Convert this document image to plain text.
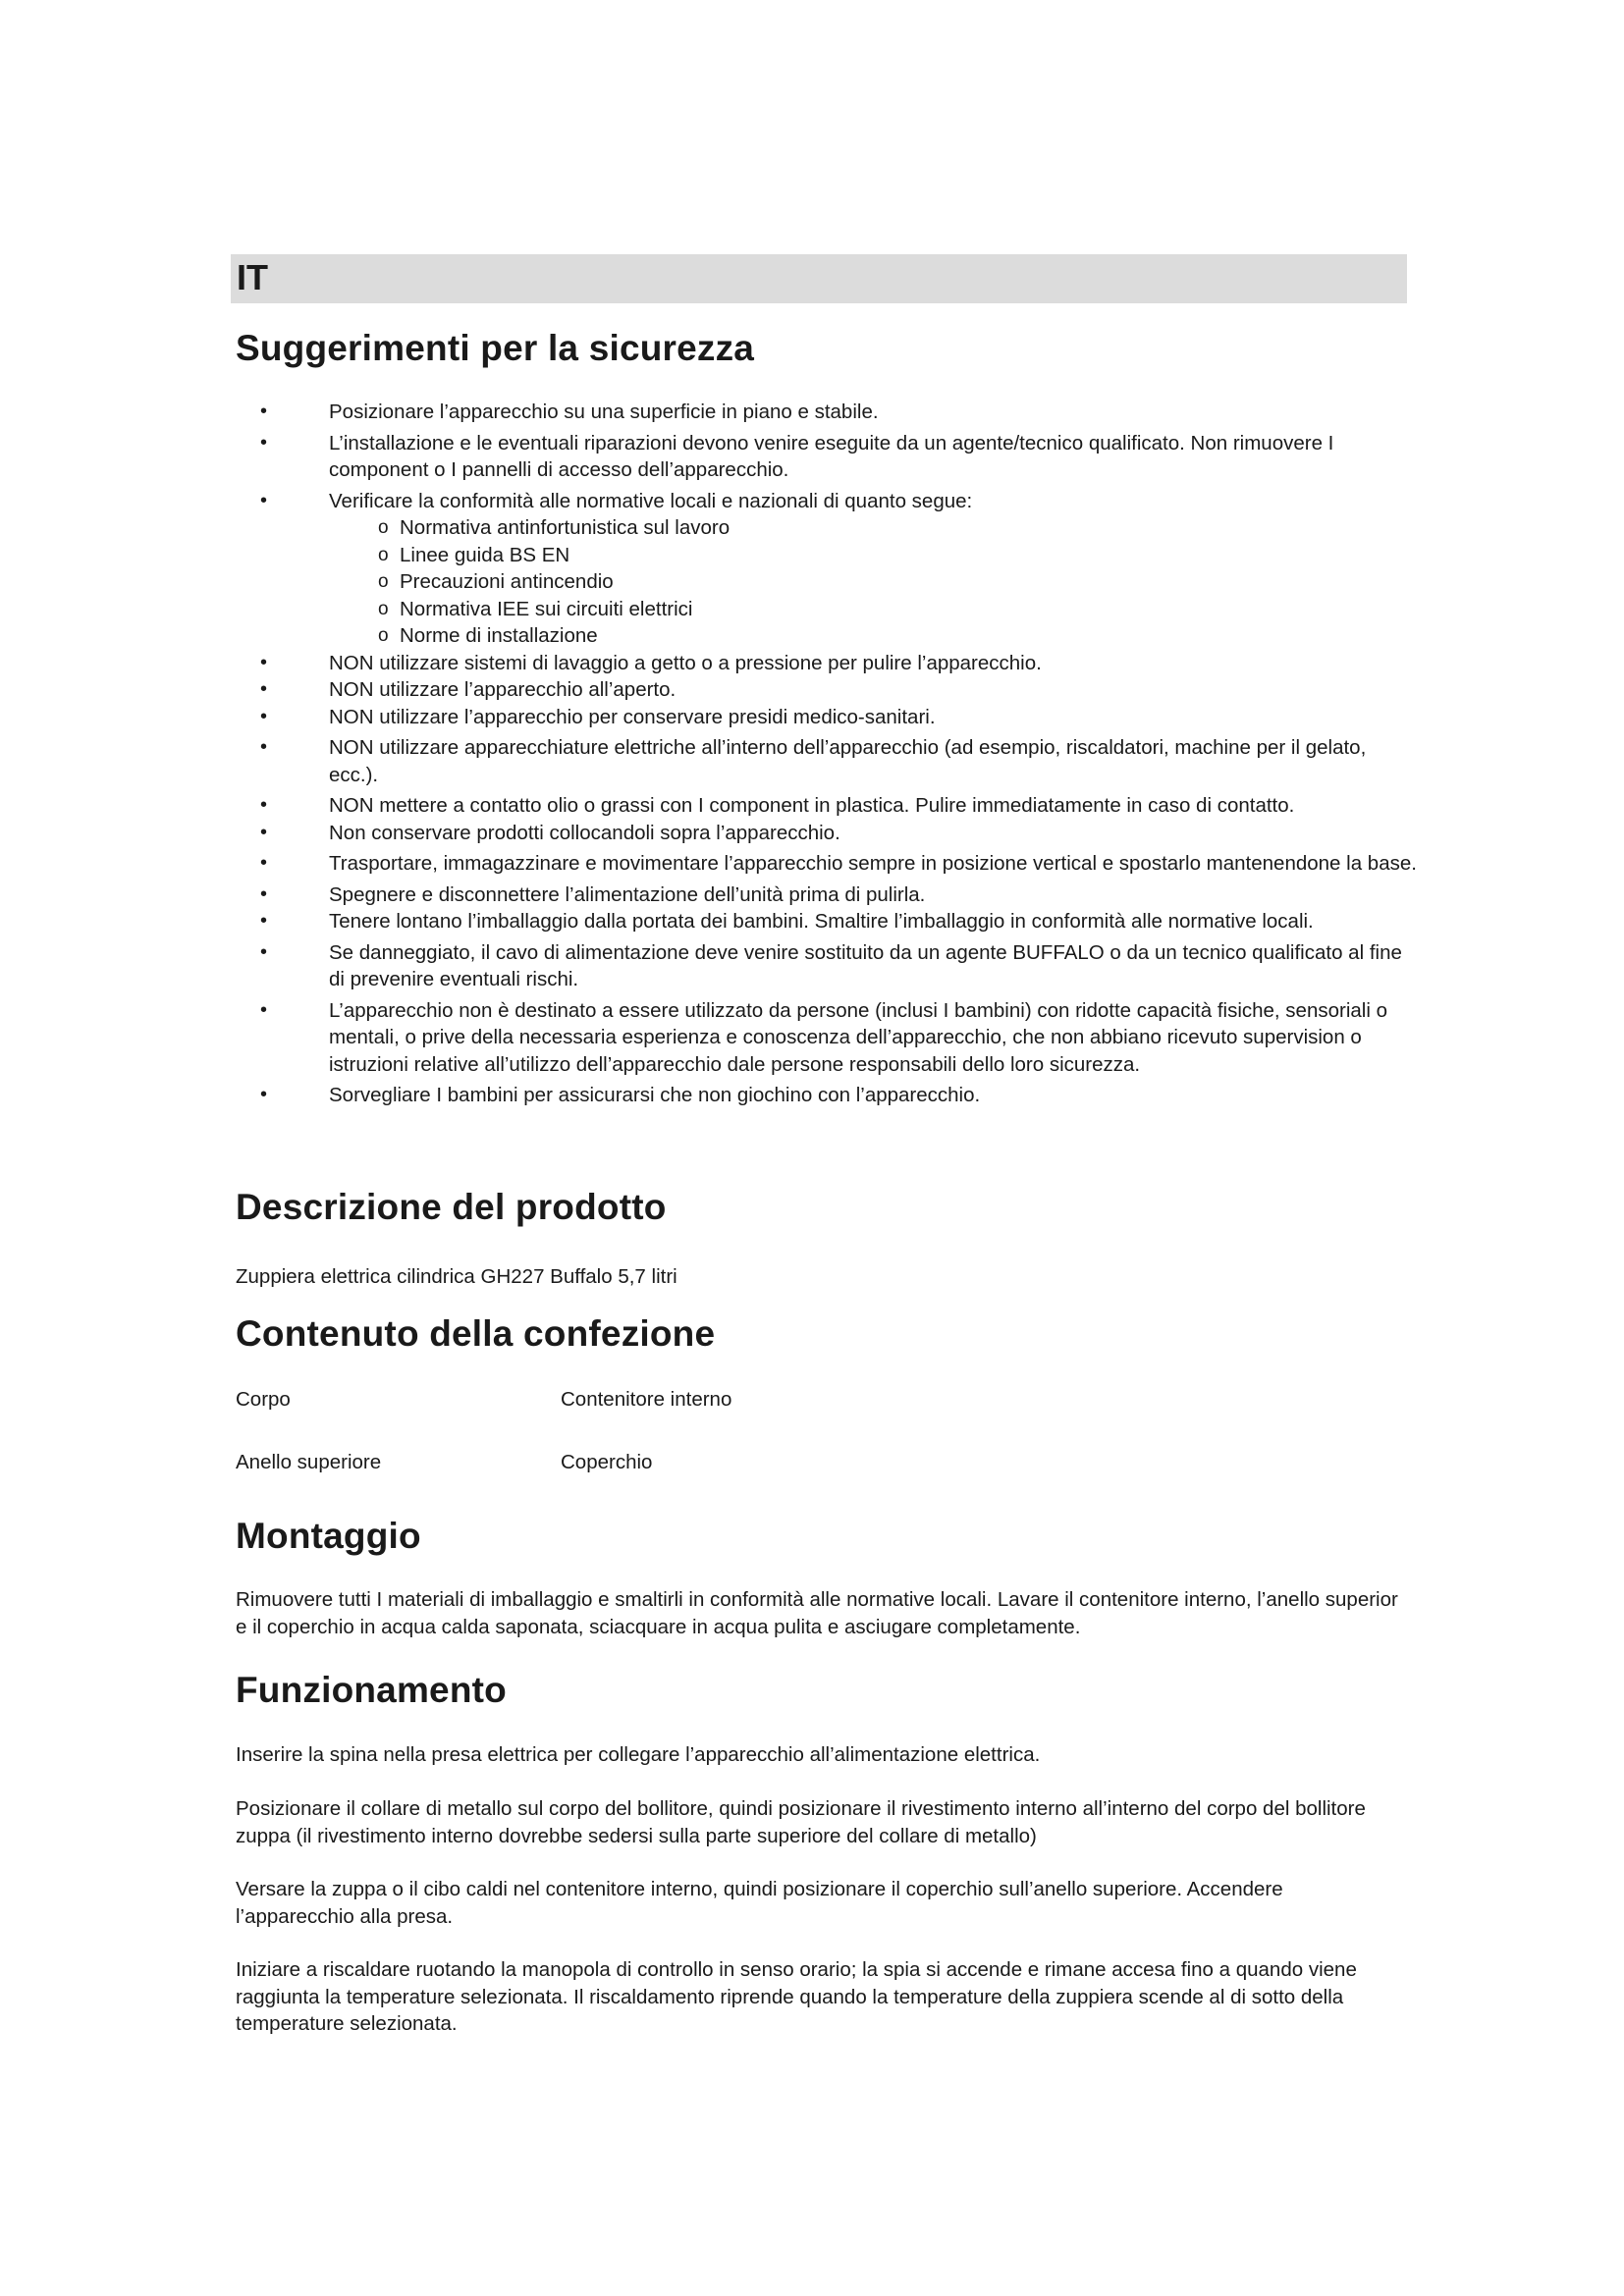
IT
Suggerimenti per la sicurezza
• Posizionare l’apparecchio su una superficie in piano e stabile.
• L’installazione e le eventuali riparazioni devono venire eseguite da un agente/tecnico qualificato. Non rimuovere I component o I pannelli di accesso dell’apparecchio.
• Verificare la conformità alle normative locali e nazionali di quanto segue:
o Normativa antinfortunistica sul lavoro
o Linee guida BS EN
o Precauzioni antincendio
o Normativa IEE sui circuiti elettrici
o Norme di installazione
• NON utilizzare sistemi di lavaggio a getto o a pressione per pulire l’apparecchio.
• NON utilizzare l’apparecchio all’aperto.
• NON utilizzare l’apparecchio per conservare presidi medico-sanitari.
• NON utilizzare apparecchiature elettriche all’interno dell’apparecchio (ad esempio, riscaldatori, machine per il gelato, ecc.).
• NON mettere a contatto olio o grassi con I component in plastica. Pulire immediatamente in caso di contatto.
• Non conservare prodotti collocandoli sopra l’apparecchio.
• Trasportare, immagazzinare e movimentare l’apparecchio sempre in posizione vertical e spostarlo mantenendone la base.
• Spegnere e disconnettere l’alimentazione dell’unità prima di pulirla.
• Tenere lontano l’imballaggio dalla portata dei bambini. Smaltire l’imballaggio in conformità alle normative locali.
• Se danneggiato, il cavo di alimentazione deve venire sostituito da un agente BUFFALO o da un tecnico qualificato al fine di prevenire eventuali rischi.
• L’apparecchio non è destinato a essere utilizzato da persone (inclusi I bambini) con ridotte capacità fisiche, sensoriali o mentali, o prive della necessaria esperienza e conoscenza dell’apparecchio, che non abbiano ricevuto supervision o istruzioni relative all’utilizzo dell’apparecchio dale persone responsabili dello loro sicurezza.
• Sorvegliare I bambini per assicurarsi che non giochino con l’apparecchio.
Descrizione del prodotto

Zuppiera elettrica cilindrica GH227 Buffalo 5,7 litri

Contenuto della confezione

Corpo	Contenitore interno

Anello superiore	Coperchio

Montaggio

Rimuovere tutti I materiali di imballaggio e smaltirli in conformità alle normative locali. Lavare il contenitore interno, l’anello superior e il coperchio in acqua calda saponata, sciacquare in acqua pulita e asciugare completamente.

Funzionamento

Inserire la spina nella presa elettrica per collegare l’apparecchio all’alimentazione elettrica.

Posizionare il collare di metallo sul corpo del bollitore, quindi posizionare il rivestimento interno all’interno del corpo del bollitore zuppa (il rivestimento interno dovrebbe sedersi sulla parte superiore del collare di metallo)

Versare la zuppa o il cibo caldi nel contenitore interno, quindi posizionare il coperchio sull’anello superiore. Accendere l’apparecchio alla presa.

Iniziare a riscaldare ruotando la manopola di controllo in senso orario; la spia si accende e rimane accesa fino a quando viene raggiunta la temperature selezionata. Il riscaldamento riprende quando la temperature della zuppiera scende al di sotto della temperature selezionata.
